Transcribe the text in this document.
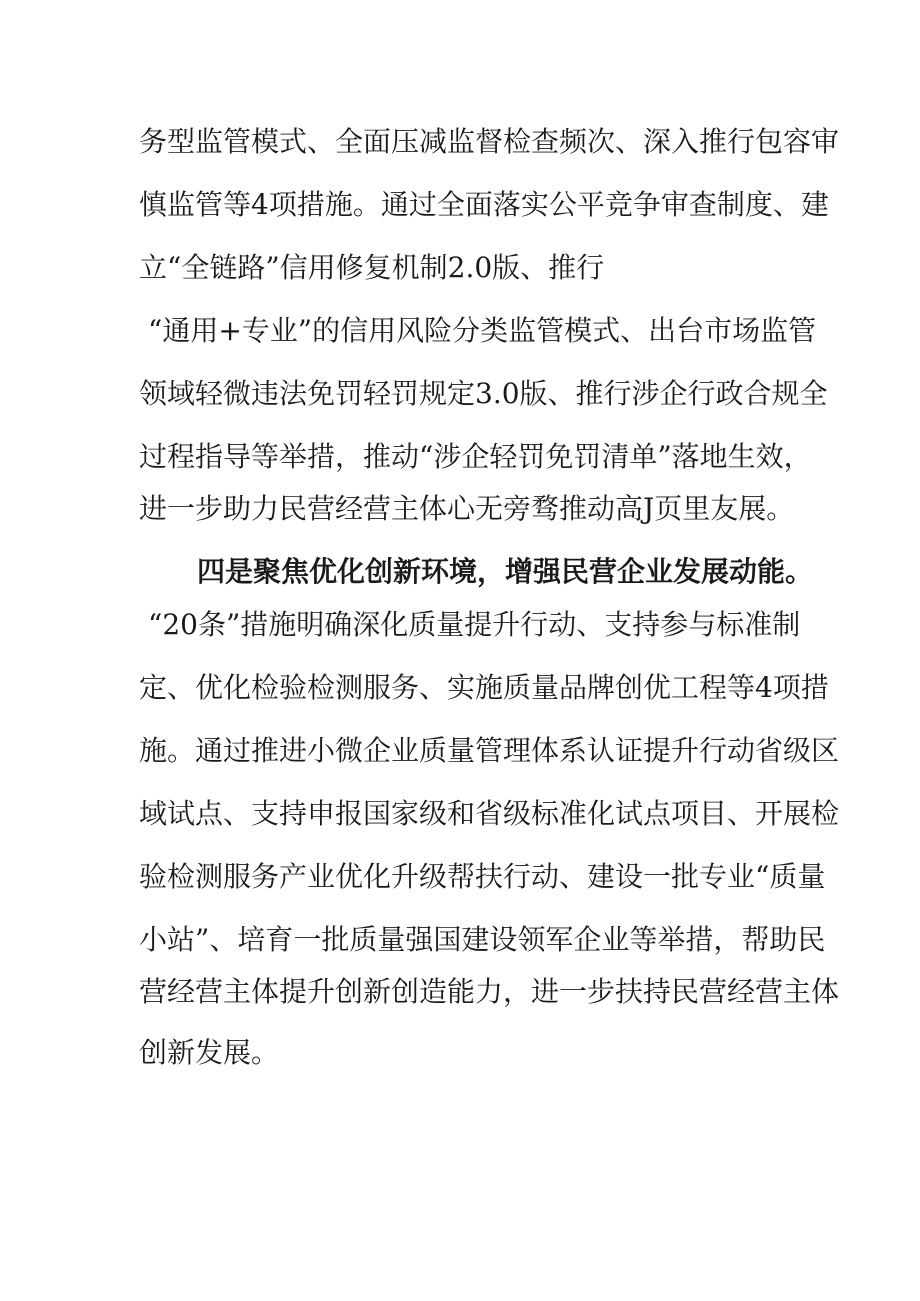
务型监管模式、全面压减监督检查频次、深入推行包容审
慎监管等4项措施。通过全面落实公平竞争审查制度、建
立“全链路”信用修复机制2.0版、推行
“通用+专业”的信用风险分类监管模式、出台市场监管
领域轻微违法免罚轻罚规定3.0版、推行涉企行政合规全
过程指导等举措，推动“涉企轻罚免罚清单”落地生效，
进一步助力民营经营主体心无旁骛推动高J页里友展。
四是聚焦优化创新环境，增强民营企业发展动能。
“20条”措施明确深化质量提升行动、支持参与标准制
定、优化检验检测服务、实施质量品牌创优工程等4项措
施。通过推进小微企业质量管理体系认证提升行动省级区
域试点、支持申报国家级和省级标准化试点项目、开展检
验检测服务产业优化升级帮扶行动、建设一批专业“质量
小站”、培育一批质量强国建设领军企业等举措，帮助民
营经营主体提升创新创造能力，进一步扶持民营经营主体
创新发展。
